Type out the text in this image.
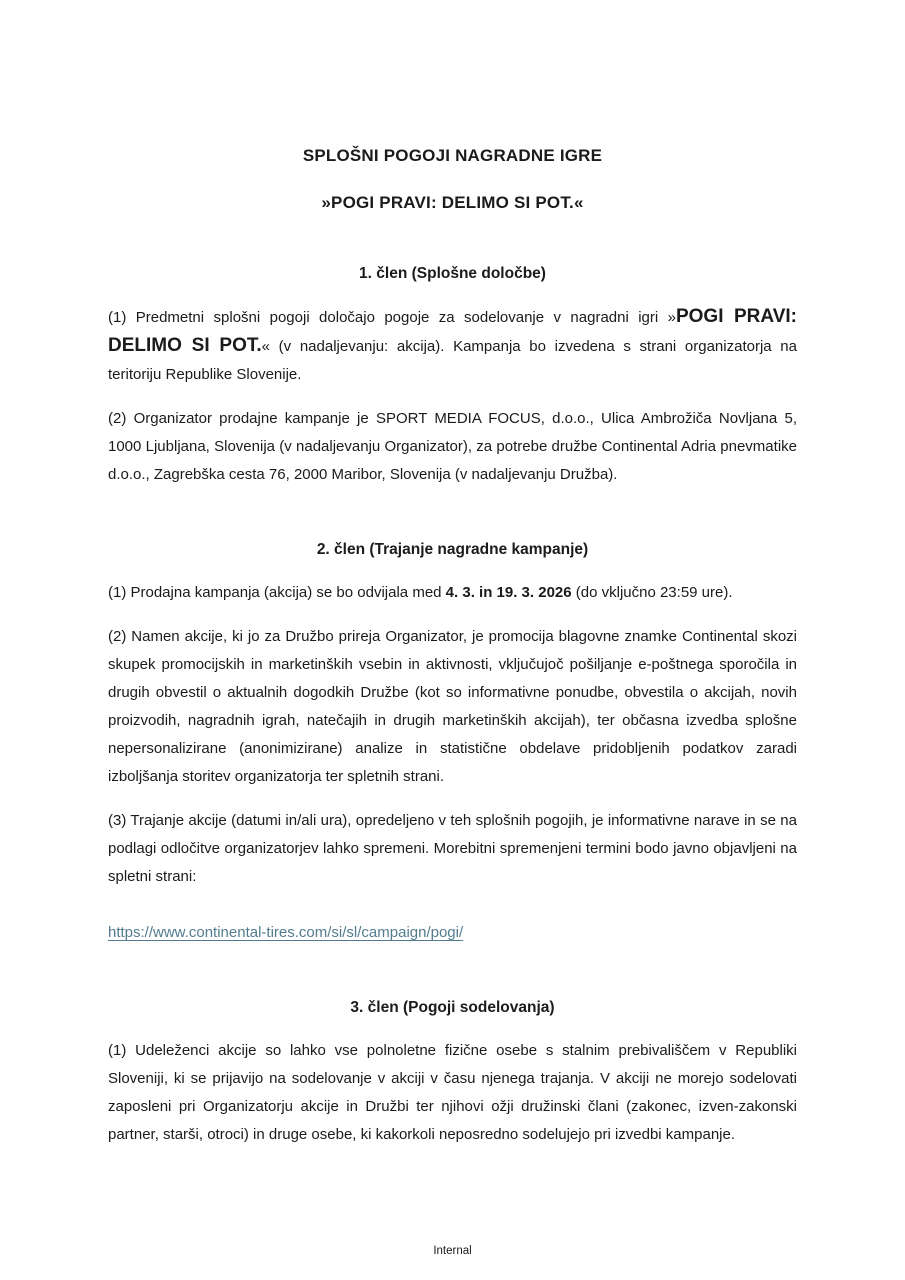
SPLOŠNI POGOJI NAGRADNE IGRE
»POGI PRAVI: DELIMO SI POT.«
1. člen (Splošne določbe)

(1) Predmetni splošni pogoji določajo pogoje za sodelovanje v nagradni igri »POGI PRAVI: DELIMO SI POT.« (v nadaljevanju: akcija). Kampanja bo izvedena s strani organizatorja na teritoriju Republike Slovenije.

(2) Organizator prodajne kampanje je SPORT MEDIA FOCUS, d.o.o., Ulica Ambrožiča Novljana 5, 1000 Ljubljana, Slovenija (v nadaljevanju Organizator), za potrebe družbe Continental Adria pnevmatike d.o.o., Zagrebška cesta 76, 2000 Maribor, Slovenija (v nadaljevanju Družba).

2. člen (Trajanje nagradne kampanje)

(1) Prodajna kampanja (akcija) se bo odvijala med 4. 3. in 19. 3. 2026 (do vključno 23:59 ure).

(2) Namen akcije, ki jo za Družbo prireja Organizator, je promocija blagovne znamke Continental skozi skupek promocijskih in marketinških vsebin in aktivnosti, vključujoč pošiljanje e-poštnega sporočila in drugih obvestil o aktualnih dogodkih Družbe (kot so informativne ponudbe, obvestila o akcijah, novih proizvodih, nagradnih igrah, natečajih in drugih marketinških akcijah), ter občasna izvedba splošne nepersonalizirane (anonimizirane) analize in statistične obdelave pridobljenih podatkov zaradi izboljšanja storitev organizatorja ter spletnih strani.

(3) Trajanje akcije (datumi in/ali ura), opredeljeno v teh splošnih pogojih, je informativne narave in se na podlagi odločitve organizatorjev lahko spremeni. Morebitni spremenjeni termini bodo javno objavljeni na spletni strani:

https://www.continental-tires.com/si/sl/campaign/pogi/

3. člen (Pogoji sodelovanja)

(1) Udeleženci akcije so lahko vse polnoletne fizične osebe s stalnim prebivališčem v Republiki Sloveniji, ki se prijavijo na sodelovanje v akciji v času njenega trajanja. V akciji ne morejo sodelovati zaposleni pri Organizatorju akcije in Družbi ter njihovi ožji družinski člani (zakonec, izven-zakonski partner, starši, otroci) in druge osebe, ki kakorkoli neposredno sodelujejo pri izvedbi kampanje.

Internal
